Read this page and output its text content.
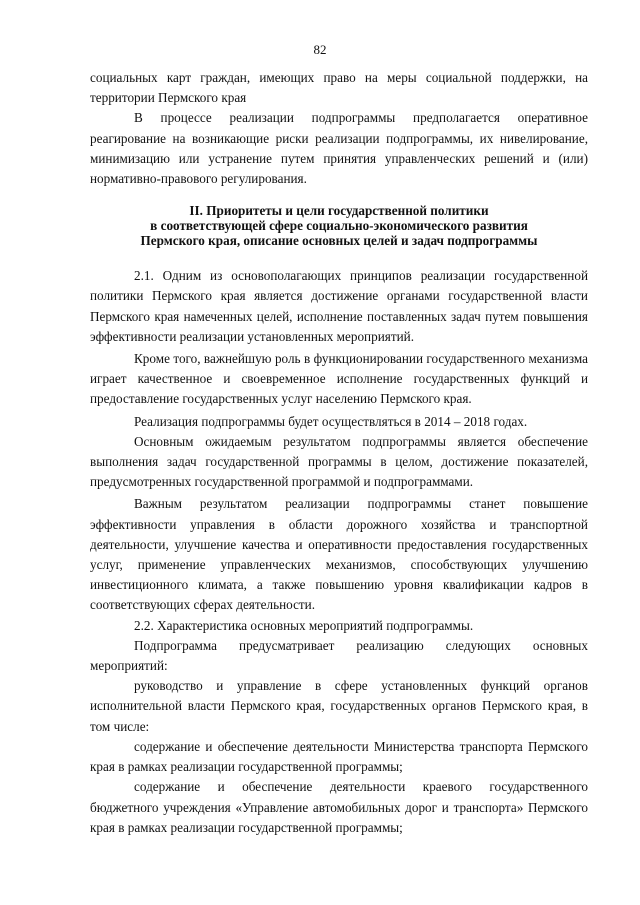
82

социальных карт граждан, имеющих право на меры социальной поддержки, на территории Пермского края

В процессе реализации подпрограммы предполагается оперативное реагирование на возникающие риски реализации подпрограммы, их нивелирование, минимизацию или устранение путем принятия управленческих решений и (или) нормативно-правового регулирования.

II. Приоритеты и цели государственной политики
в соответствующей сфере социально-экономического развития
Пермского края, описание основных целей и задач подпрограммы

2.1. Одним из основополагающих принципов реализации государственной политики Пермского края является достижение органами государственной власти Пермского края намеченных целей, исполнение поставленных задач путем повышения эффективности реализации установленных мероприятий.

Кроме того, важнейшую роль в функционировании государственного механизма играет качественное и своевременное исполнение государственных функций и предоставление государственных услуг населению Пермского края.

Реализация подпрограммы будет осуществляться в 2014 – 2018 годах.

Основным ожидаемым результатом подпрограммы является обеспечение выполнения задач государственной программы в целом, достижение показателей, предусмотренных государственной программой и подпрограммами.

Важным результатом реализации подпрограммы станет повышение эффективности управления в области дорожного хозяйства и транспортной деятельности, улучшение качества и оперативности предоставления государственных услуг, применение управленческих механизмов, способствующих улучшению инвестиционного климата, а также повышению уровня квалификации кадров в соответствующих сферах деятельности.

2.2. Характеристика основных мероприятий подпрограммы.

Подпрограмма предусматривает реализацию следующих основных мероприятий:

руководство и управление в сфере установленных функций органов исполнительной власти Пермского края, государственных органов Пермского края, в том числе:

содержание и обеспечение деятельности Министерства транспорта Пермского края в рамках реализации государственной программы;

содержание и обеспечение деятельности краевого государственного бюджетного учреждения «Управление автомобильных дорог и транспорта» Пермского края в рамках реализации государственной программы;
